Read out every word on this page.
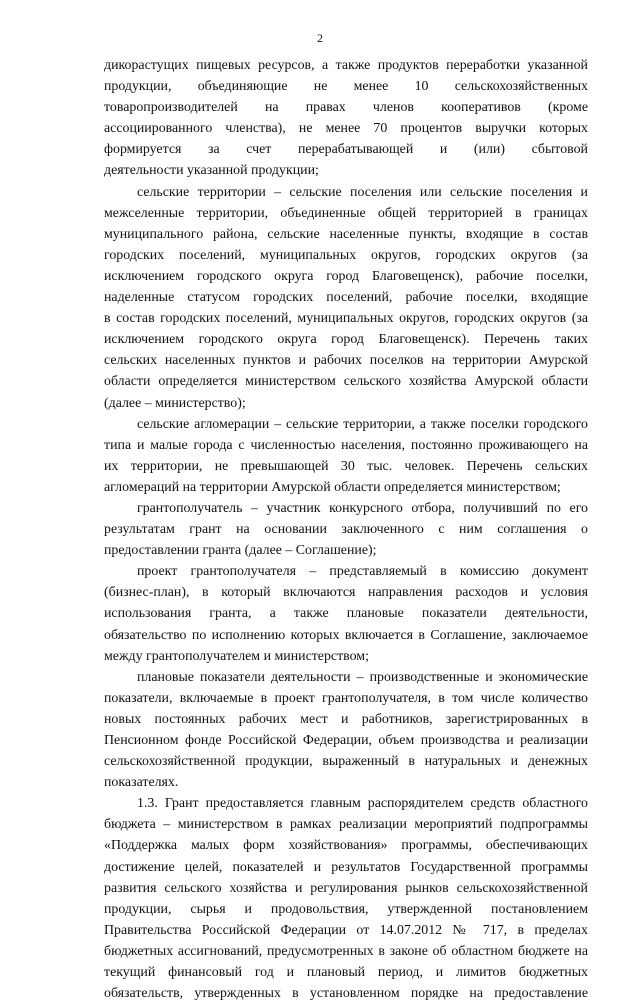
2
дикорастущих пищевых ресурсов, а также продуктов переработки указанной
продукции, объединяющие не менее 10 сельскохозяйственных
товаропроизводителей на правах членов кооперативов (кроме
ассоциированного членства), не менее 70 процентов выручки которых
формируется за счет перерабатывающей и (или) сбытовой
деятельности указанной продукции;
сельские территории – сельские поселения или сельские поселения и
межселенные территории, объединенные общей территорией в границах
муниципального района, сельские населенные пункты, входящие в состав
городских поселений, муниципальных округов, городских округов (за
исключением городского округа город Благовещенск), рабочие поселки,
наделенные статусом городских поселений, рабочие поселки, входящие
в состав городских поселений, муниципальных округов, городских округов (за
исключением городского округа город Благовещенск). Перечень таких
сельских населенных пунктов и рабочих поселков на территории Амурской
области определяется министерством сельского хозяйства Амурской области
(далее – министерство);
сельские агломерации – сельские территории, а также поселки городского
типа и малые города с численностью населения, постоянно проживающего на
их территории, не превышающей 30 тыс. человек. Перечень сельских
агломераций на территории Амурской области определяется министерством;
грантополучатель – участник конкурсного отбора, получивший по его
результатам грант на основании заключенного с ним соглашения о
предоставлении гранта (далее – Соглашение);
проект грантополучателя – представляемый в комиссию документ
(бизнес-план), в который включаются направления расходов и условия
использования гранта, а также плановые показатели деятельности,
обязательство по исполнению которых включается в Соглашение, заключаемое
между грантополучателем и министерством;
плановые показатели деятельности – производственные и экономические
показатели, включаемые в проект грантополучателя, в том числе количество
новых постоянных рабочих мест и работников, зарегистрированных в
Пенсионном фонде Российской Федерации, объем производства и реализации
сельскохозяйственной продукции, выраженный в натуральных и денежных
показателях.
1.3. Грант предоставляется главным распорядителем средств областного
бюджета – министерством в рамках реализации мероприятий подпрограммы
«Поддержка малых форм хозяйствования» программы, обеспечивающих
достижение целей, показателей и результатов Государственной программы
развития сельского хозяйства и регулирования рынков сельскохозяйственной
продукции, сырья и продовольствия, утвержденной постановлением
Правительства Российской Федерации от 14.07.2012 № 717, в пределах
бюджетных ассигнований, предусмотренных в законе об областном бюджете на
текущий финансовый год и плановый период, и лимитов бюджетных
обязательств, утвержденных в установленном порядке на предоставление
